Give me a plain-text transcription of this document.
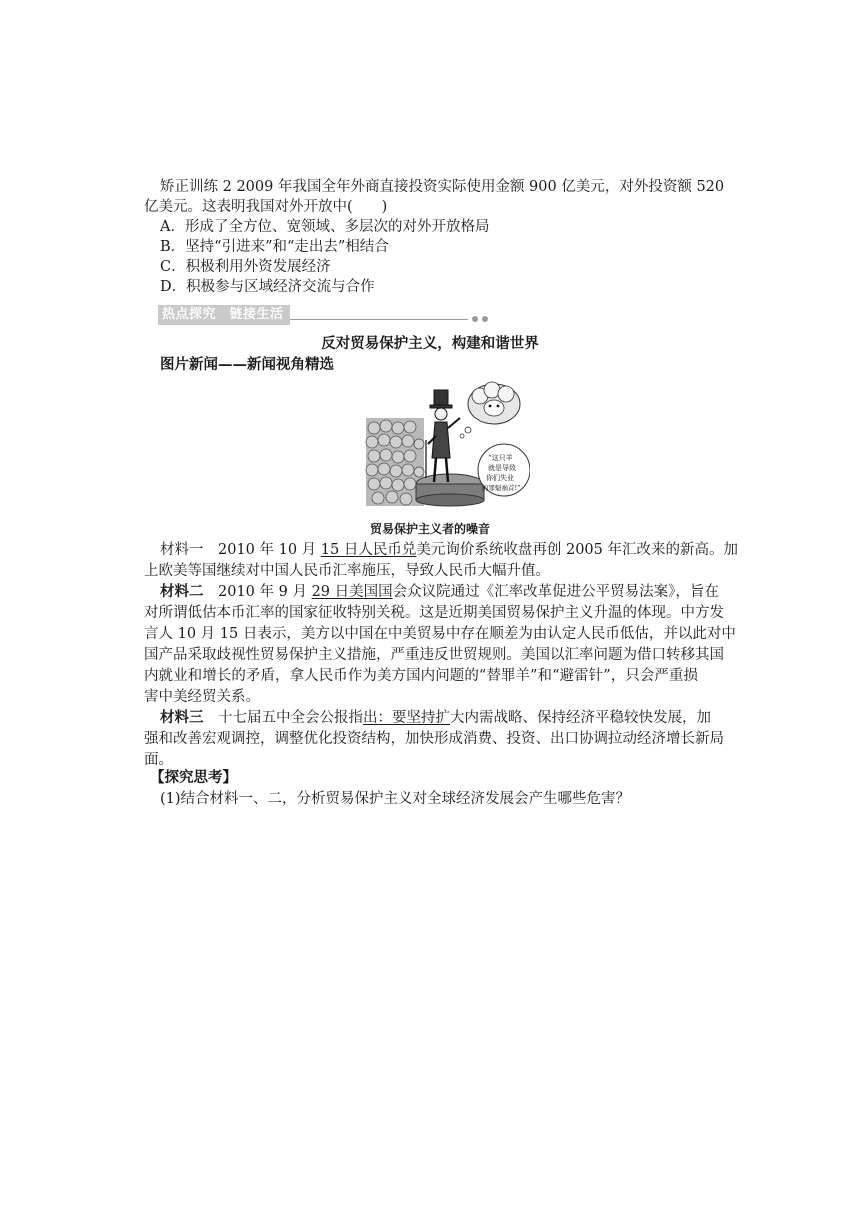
矫正训练 2 2009 年我国全年外商直接投资实际使用金额 900 亿美元，对外投资额 520
亿美元。这表明我国对外开放中(　　)
A．形成了全方位、宽领域、多层次的对外开放格局
B．坚持“引进来”和“走出去”相结合
C．积极利用外资发展经济
D．积极参与区域经济交流与合作
热点探究　链接生活
反对贸易保护主义，构建和谐世界
图片新闻——新闻视角精选
“这只羊
就是导致
你们失业
的罪魁祸首!”
贸易保护主义者的噪音
材料一　2010 年 10 月 15 日人民币兑美元询价系统收盘再创 2005 年汇改来的新高。加
上欧美等国继续对中国人民币汇率施压，导致人民币大幅升值。
材料二　2010 年 9 月 29 日美国国会众议院通过《汇率改革促进公平贸易法案》，旨在
对所谓低估本币汇率的国家征收特别关税。这是近期美国贸易保护主义升温的体现。中方发
言人 10 月 15 日表示，美方以中国在中美贸易中存在顺差为由认定人民币低估，并以此对中
国产品采取歧视性贸易保护主义措施，严重违反世贸规则。美国以汇率问题为借口转移其国
内就业和增长的矛盾，拿人民币作为美方国内问题的“替罪羊”和“避雷针”，只会严重损
害中美经贸关系。
材料三　十七届五中全会公报指出：要坚持扩大内需战略、保持经济平稳较快发展，加
强和改善宏观调控，调整优化投资结构，加快形成消费、投资、出口协调拉动经济增长新局
面。
【探究思考】
(1)结合材料一、二，分析贸易保护主义对全球经济发展会产生哪些危害？
